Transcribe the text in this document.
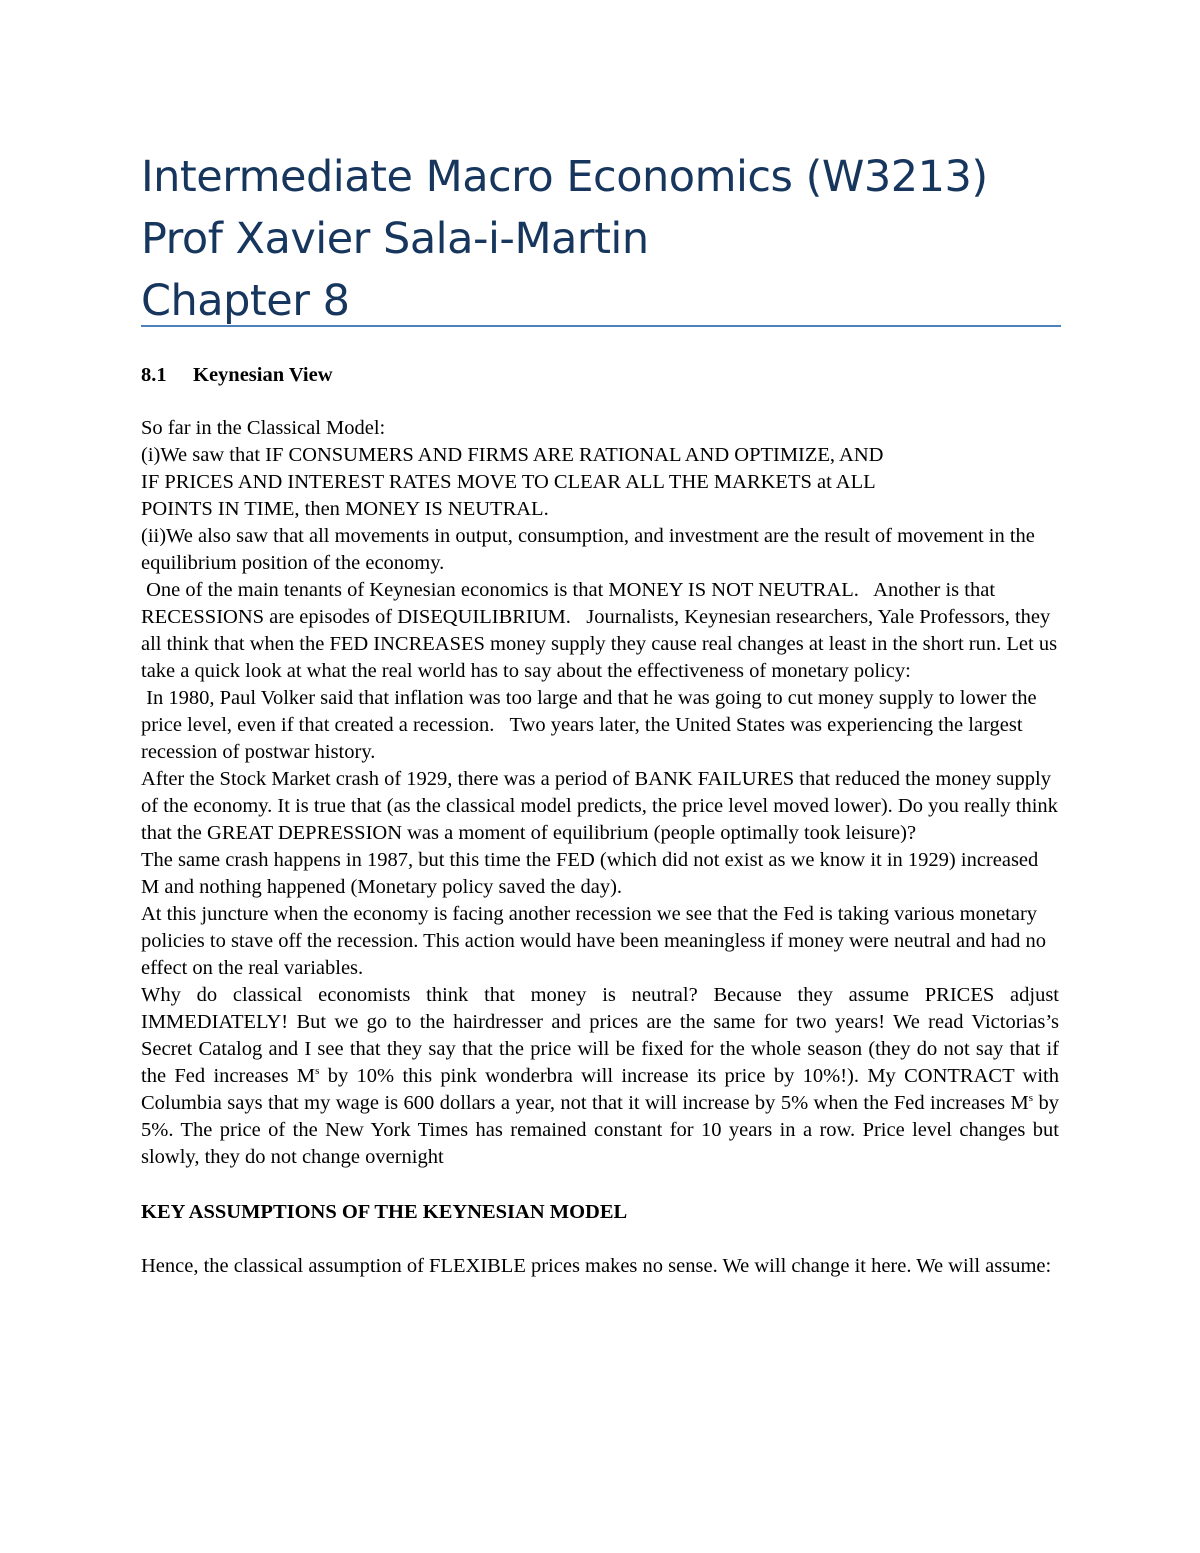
Intermediate Macro Economics (W3213)
Prof Xavier Sala-i-Martin
Chapter 8
8.1 Keynesian View

So far in the Classical Model:

(i)We saw that IF CONSUMERS AND FIRMS ARE RATIONAL AND OPTIMIZE, AND

IF PRICES AND INTEREST RATES MOVE TO CLEAR ALL THE MARKETS at ALL

POINTS IN TIME, then MONEY IS NEUTRAL.

(ii)We also saw that all movements in output, consumption, and investment are the result of movement in the equilibrium position of the economy.

One of the main tenants of Keynesian economics is that MONEY IS NOT NEUTRAL.   Another is that RECESSIONS are episodes of DISEQUILIBRIUM.   Journalists, Keynesian researchers, Yale Professors, they all think that when the FED INCREASES money supply they cause real changes at least in the short run. Let us take a quick look at what the real world has to say about the effectiveness of monetary policy:

In 1980, Paul Volker said that inflation was too large and that he was going to cut money supply to lower the price level, even if that created a recession.   Two years later, the United States was experiencing the largest recession of postwar history.

After the Stock Market crash of 1929, there was a period of BANK FAILURES that reduced the money supply of the economy. It is true that (as the classical model predicts, the price level moved lower). Do you really think that the GREAT DEPRESSION was a moment of equilibrium (people optimally took leisure)?

The same crash happens in 1987, but this time the FED (which did not exist as we know it in 1929) increased M and nothing happened (Monetary policy saved the day).

At this juncture when the economy is facing another recession we see that the Fed is taking various monetary policies to stave off the recession. This action would have been meaningless if money were neutral and had no effect on the real variables.

Why do classical economists think that money is neutral? Because they assume PRICES adjust IMMEDIATELY! But we go to the hairdresser and prices are the same for two years! We read Victorias’s Secret Catalog and I see that they say that the price will be fixed for the whole season (they do not say that if the Fed increases $M^s$ by 10% this pink wonderbra will increase its price by 10%!). My CONTRACT with Columbia says that my wage is 600 dollars a year, not that it will increase by 5% when the Fed increases $M^s$ by 5%. The price of the New York Times has remained constant for 10 years in a row. Price level changes but slowly, they do not change overnight

KEY ASSUMPTIONS OF THE KEYNESIAN MODEL

Hence, the classical assumption of FLEXIBLE prices makes no sense. We will change it here. We will assume:
